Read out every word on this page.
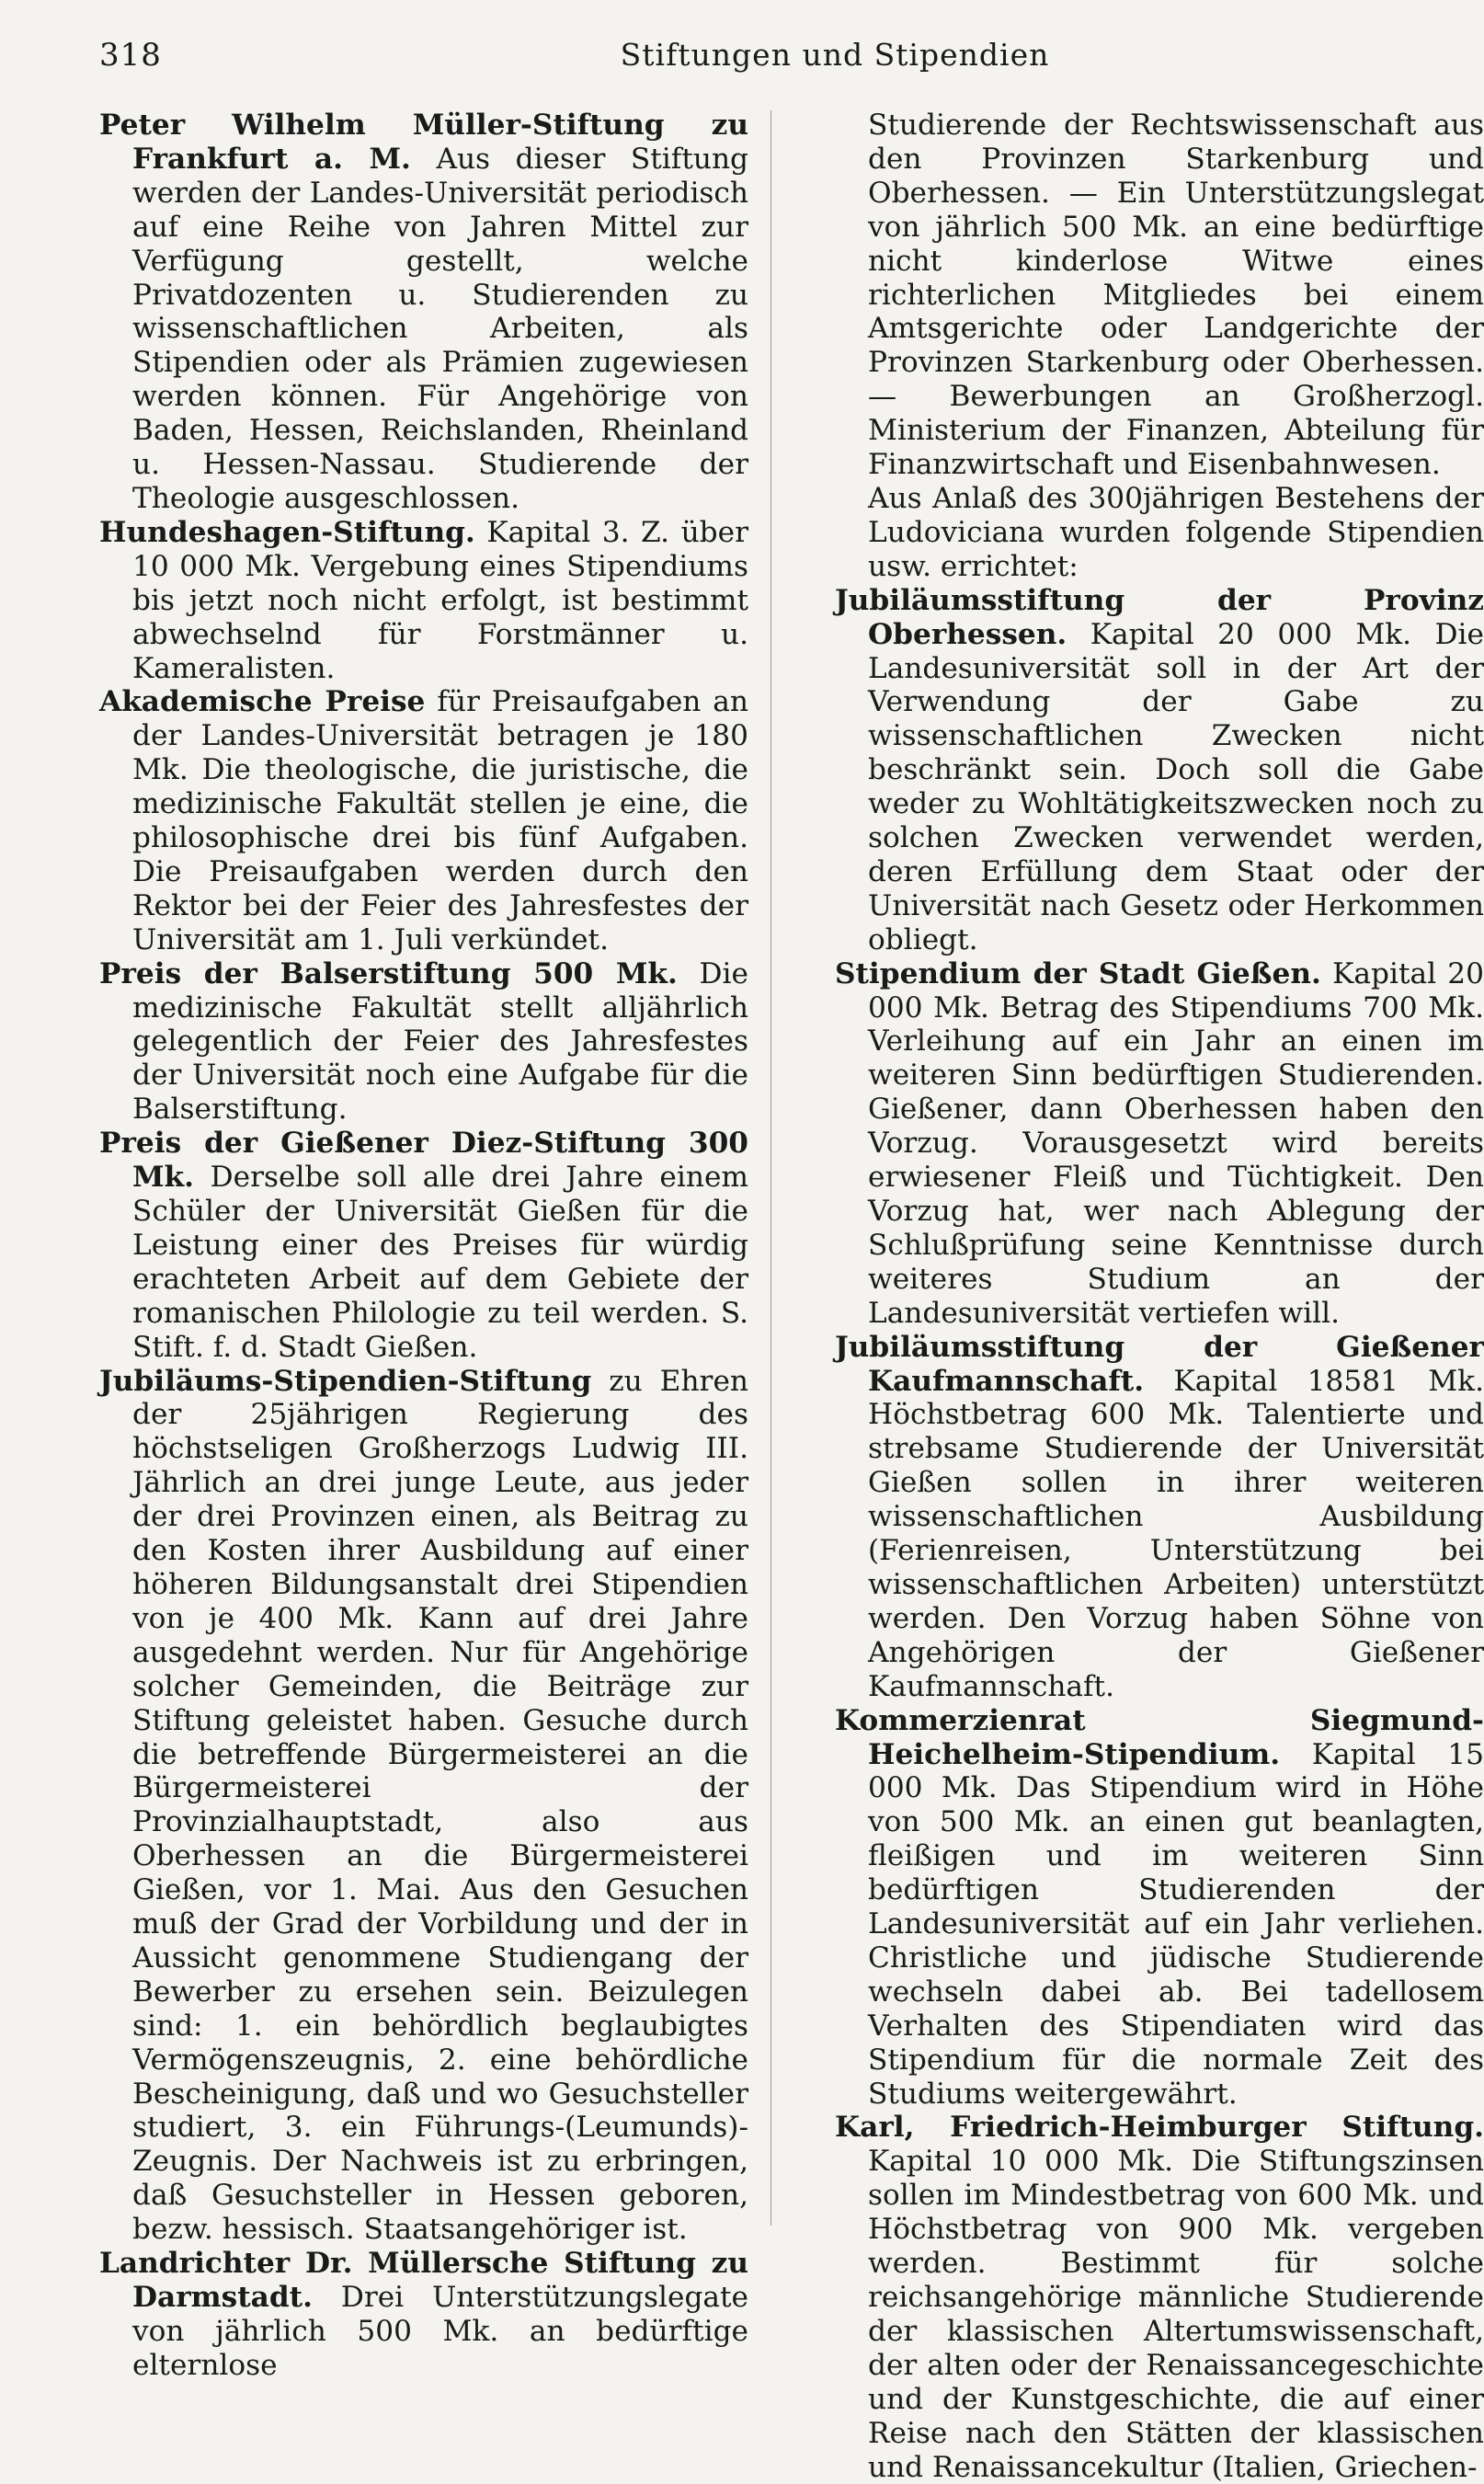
318	Stiftungen und Stipendien

Peter Wilhelm Müller-Stiftung zu Frankfurt a. M. Aus dieser Stiftung werden der Landes-Universität periodisch auf eine Reihe von Jahren Mittel zur Verfügung gestellt, welche Privatdozenten u. Studierenden zu wissenschaftlichen Arbeiten, als Stipendien oder als Prämien zugewiesen werden können. Für Angehörige von Baden, Hessen, Reichslanden, Rheinland u. Hessen-Nassau. Studierende der Theologie ausgeschlossen.

Hundeshagen-Stiftung. Kapital 3. Z. über 10 000 Mk. Vergebung eines Stipendiums bis jetzt noch nicht erfolgt, ist bestimmt abwechselnd für Forstmänner u. Kameralisten.

Akademische Preise für Preisaufgaben an der Landes-Universität betragen je 180 Mk. Die theologische, die juristische, die medizinische Fakultät stellen je eine, die philosophische drei bis fünf Aufgaben. Die Preisaufgaben werden durch den Rektor bei der Feier des Jahresfestes der Universität am 1. Juli verkündet.

Preis der Balserstiftung 500 Mk. Die medizinische Fakultät stellt alljährlich gelegentlich der Feier des Jahresfestes der Universität noch eine Aufgabe für die Balserstiftung.

Preis der Gießener Diez-Stiftung 300 Mk. Derselbe soll alle drei Jahre einem Schüler der Universität Gießen für die Leistung einer des Preises für würdig erachteten Arbeit auf dem Gebiete der romanischen Philologie zu teil werden. S. Stift. f. d. Stadt Gießen.

Jubiläums-Stipendien-Stiftung zu Ehren der 25jährigen Regierung des höchstseligen Großherzogs Ludwig III. Jährlich an drei junge Leute, aus jeder der drei Provinzen einen, als Beitrag zu den Kosten ihrer Ausbildung auf einer höheren Bildungsanstalt drei Stipendien von je 400 Mk. Kann auf drei Jahre ausgedehnt werden. Nur für Angehörige solcher Gemeinden, die Beiträge zur Stiftung geleistet haben. Gesuche durch die betreffende Bürgermeisterei an die Bürgermeisterei der Provinzialhauptstadt, also aus Oberhessen an die Bürgermeisterei Gießen, vor 1. Mai. Aus den Gesuchen muß der Grad der Vorbildung und der in Aussicht genommene Studiengang der Bewerber zu ersehen sein. Beizulegen sind: 1. ein behördlich beglaubigtes Vermögenszeugnis, 2. eine behördliche Bescheinigung, daß und wo Gesuchsteller studiert, 3. ein Führungs-(Leumunds)-Zeugnis. Der Nachweis ist zu erbringen, daß Gesuchsteller in Hessen geboren, bezw. hessisch. Staatsangehöriger ist.

Landrichter Dr. Müllersche Stiftung zu Darmstadt. Drei Unterstützungslegate von jährlich 500 Mk. an bedürftige elternlose

Studierende der Rechtswissenschaft aus den Provinzen Starkenburg und Oberhessen. — Ein Unterstützungslegat von jährlich 500 Mk. an eine bedürftige nicht kinderlose Witwe eines richterlichen Mitgliedes bei einem Amtsgerichte oder Landgerichte der Provinzen Starkenburg oder Oberhessen. — Bewerbungen an Großherzogl. Ministerium der Finanzen, Abteilung für Finanzwirtschaft und Eisenbahnwesen.

Aus Anlaß des 300jährigen Bestehens der Ludoviciana wurden folgende Stipendien usw. errichtet:

Jubiläumsstiftung der Provinz Oberhessen. Kapital 20 000 Mk. Die Landesuniversität soll in der Art der Verwendung der Gabe zu wissenschaftlichen Zwecken nicht beschränkt sein. Doch soll die Gabe weder zu Wohltätigkeitszwecken noch zu solchen Zwecken verwendet werden, deren Erfüllung dem Staat oder der Universität nach Gesetz oder Herkommen obliegt.

Stipendium der Stadt Gießen. Kapital 20 000 Mk. Betrag des Stipendiums 700 Mk. Verleihung auf ein Jahr an einen im weiteren Sinn bedürftigen Studierenden. Gießener, dann Oberhessen haben den Vorzug. Vorausgesetzt wird bereits erwiesener Fleiß und Tüchtigkeit. Den Vorzug hat, wer nach Ablegung der Schlußprüfung seine Kenntnisse durch weiteres Studium an der Landesuniversität vertiefen will.

Jubiläumsstiftung der Gießener Kaufmannschaft. Kapital 18581 Mk. Höchstbetrag 600 Mk. Talentierte und strebsame Studierende der Universität Gießen sollen in ihrer weiteren wissenschaftlichen Ausbildung (Ferienreisen, Unterstützung bei wissenschaftlichen Arbeiten) unterstützt werden. Den Vorzug haben Söhne von Angehörigen der Gießener Kaufmannschaft.

Kommerzienrat Siegmund-Heichelheim-Stipendium. Kapital 15 000 Mk. Das Stipendium wird in Höhe von 500 Mk. an einen gut beanlagten, fleißigen und im weiteren Sinn bedürftigen Studierenden der Landesuniversität auf ein Jahr verliehen. Christliche und jüdische Studierende wechseln dabei ab. Bei tadellosem Verhalten des Stipendiaten wird das Stipendium für die normale Zeit des Studiums weitergewährt.

Karl, Friedrich-Heimburger Stiftung. Kapital 10 000 Mk. Die Stiftungszinsen sollen im Mindestbetrag von 600 Mk. und Höchstbetrag von 900 Mk. vergeben werden. Bestimmt für solche reichsangehörige männliche Studierende der klassischen Altertumswissenschaft, der alten oder der Renaissancegeschichte und der Kunstgeschichte, die auf einer Reise nach den Stätten der klassischen und Renaissancekultur (Italien, Griechen-
